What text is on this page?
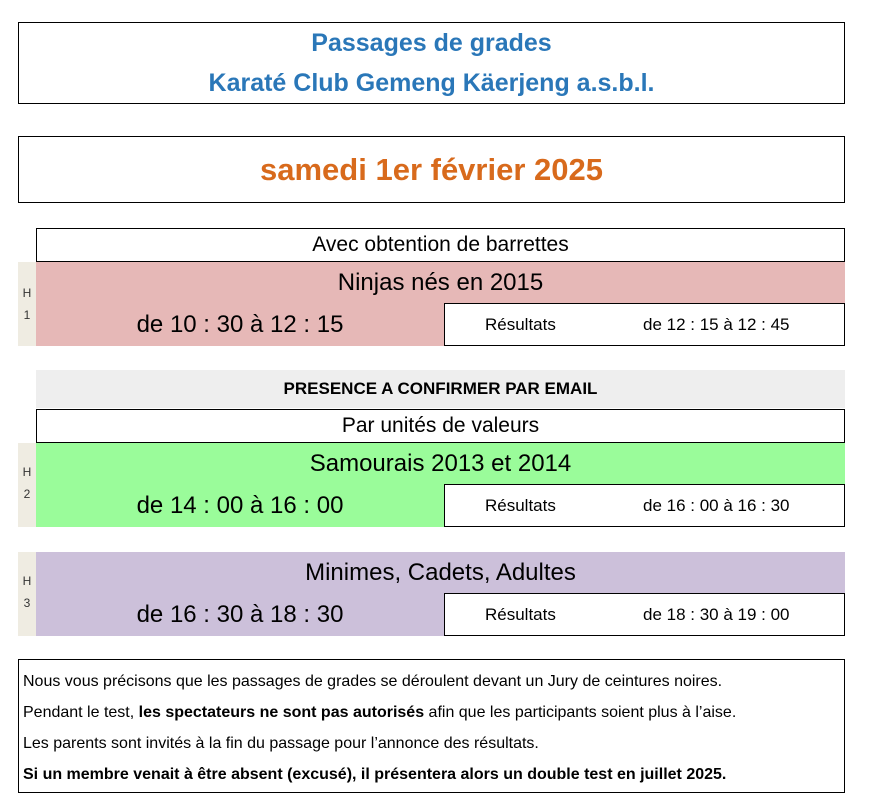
Passages de grades
Karaté Club Gemeng Käerjeng a.s.b.l.
samedi 1er février 2025
Avec obtention de barrettes
H
1
Ninjas nés en 2015
de 10 : 30 à 12 : 15	Résultats	de 12 : 15 à 12 : 45
PRESENCE A CONFIRMER PAR EMAIL
Par unités de valeurs
H
2
Samourais 2013 et 2014
de 14 : 00 à 16 : 00	Résultats	de 16 : 00 à 16 : 30
H
3
Minimes, Cadets, Adultes
de 16 : 30 à 18 : 30	Résultats	de 18 : 30 à 19 : 00

Nous vous précisons que les passages de grades se déroulent devant un Jury de ceintures noires.

Pendant le test, les spectateurs ne sont pas autorisés afin que les participants soient plus à l’aise.

Les parents sont invités à la fin du passage pour l’annonce des résultats.

Si un membre venait à être absent (excusé), il présentera alors un double test en juillet 2025.
